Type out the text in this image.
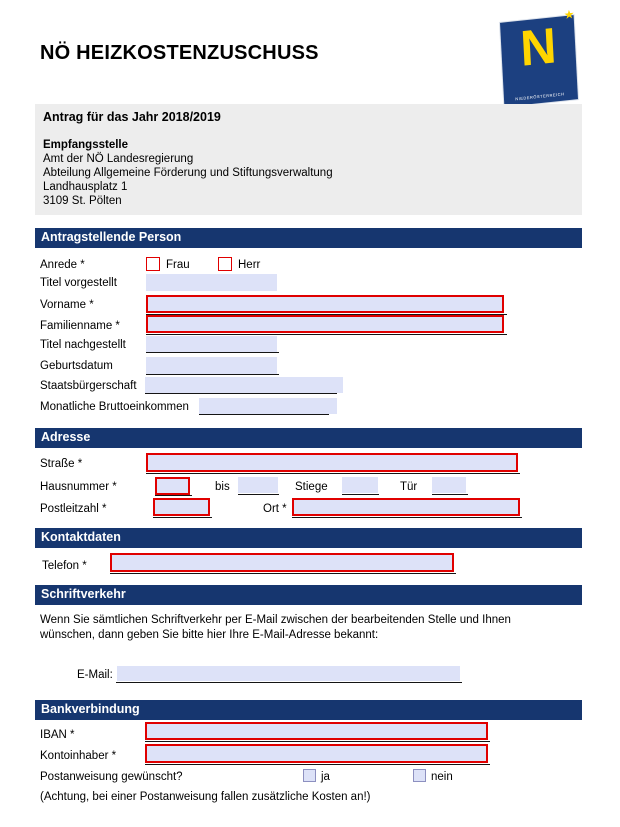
NÖ HEIZKOSTENZUSCHUSS	N
★
NIEDERÖSTERREICH
Antrag für das Jahr 2018/2019
Empfangsstelle
Amt der NÖ Landesregierung
Abteilung Allgemeine Förderung und Stiftungsverwaltung
Landhausplatz 1
3109 St. Pölten
Antragstellende Person
Anrede *	Frau	Herr
Titel vorgestellt
Vorname *
Familienname *
Titel nachgestellt
Geburtsdatum
Staatsbürgerschaft
Monatliche Bruttoeinkommen
Adresse
Straße *
Hausnummer *	bis	Stiege	Tür
Postleitzahl *	Ort *
Kontaktdaten
Telefon *
Schriftverkehr
Wenn Sie sämtlichen Schriftverkehr per E-Mail zwischen der bearbeitenden Stelle und Ihnen
wünschen, dann geben Sie bitte hier Ihre E-Mail-Adresse bekannt:
E-Mail:
Bankverbindung
IBAN *
Kontoinhaber *
Postanweisung gewünscht?	ja	nein
(Achtung, bei einer Postanweisung fallen zusätzliche Kosten an!)
